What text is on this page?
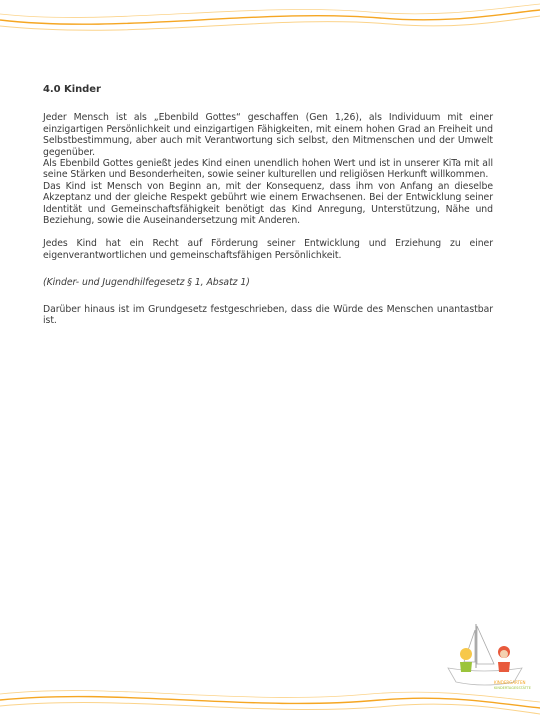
4.0 Kinder

Jeder Mensch ist als „Ebenbild Gottes“ geschaffen (Gen 1,26), als Individuum mit einer einzigartigen Persönlichkeit und einzigartigen Fähigkeiten, mit einem hohen Grad an Freiheit und Selbstbestimmung, aber auch mit Verantwortung sich selbst, den Mitmenschen und der Umwelt gegenüber.

Als Ebenbild Gottes genießt jedes Kind einen unendlich hohen Wert und ist in unserer KiTa mit all seine Stärken und Besonderheiten, sowie seiner kulturellen und religiösen Herkunft willkommen.

Das Kind ist Mensch von Beginn an, mit der Konsequenz, dass ihm von Anfang an dieselbe Akzeptanz und der gleiche Respekt gebührt wie einem Erwachsenen. Bei der Entwicklung seiner Identität und Gemeinschaftsfähigkeit benötigt das Kind Anregung, Unterstützung, Nähe und Beziehung, sowie die Auseinandersetzung mit Anderen.

Jedes Kind hat ein Recht auf Förderung seiner Entwicklung und Erziehung zu einer eigenverantwortlichen und gemeinschaftsfähigen Persönlichkeit.

(Kinder- und Jugendhilfegesetz § 1, Absatz 1)

Darüber hinaus ist im Grundgesetz festgeschrieben, dass die Würde des Menschen unantastbar ist.

KINDERGARTEN
KINDERTAGESSTÄTTE
